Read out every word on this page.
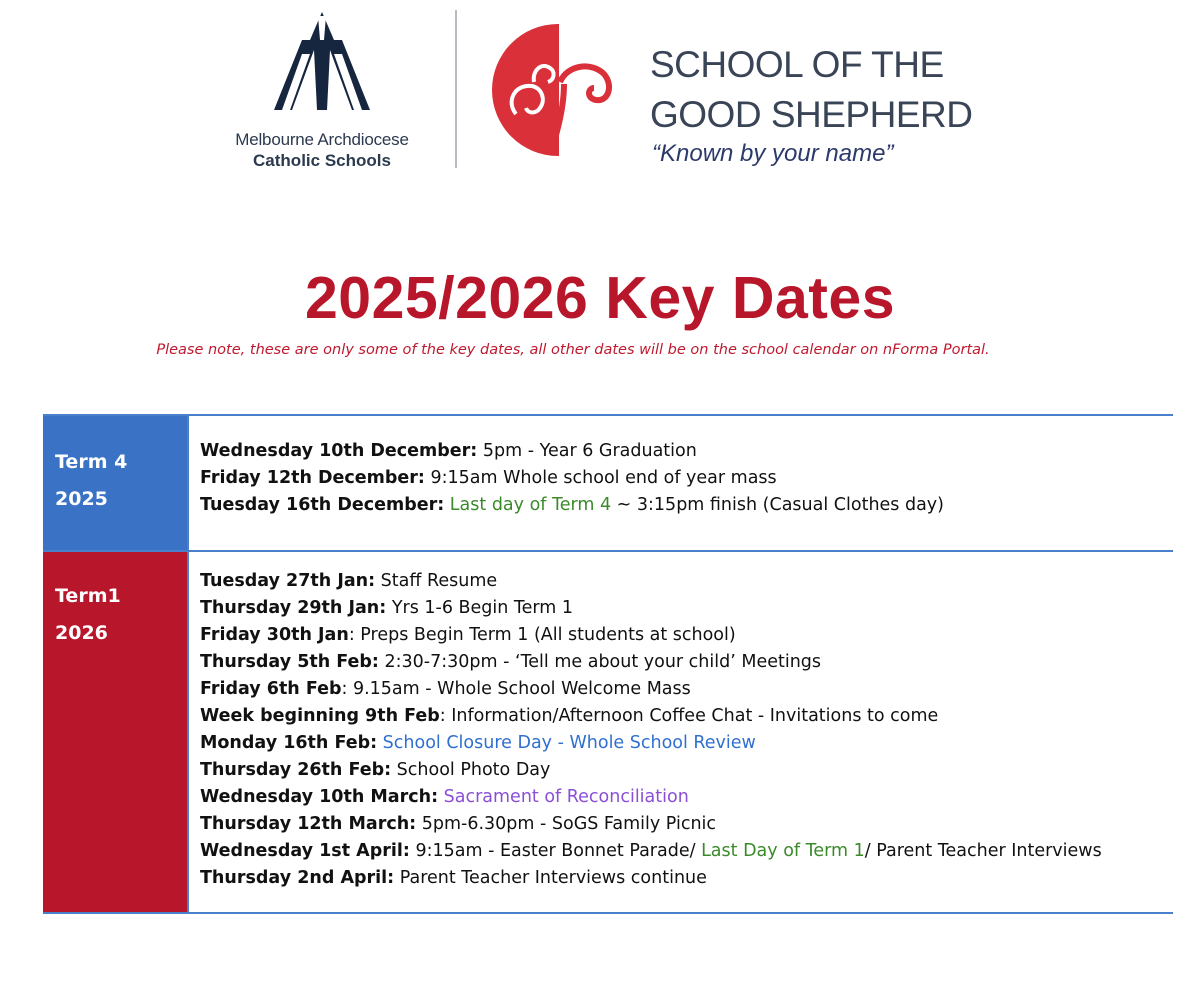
Melbourne Archdiocese
Catholic Schools
SCHOOL OF THE
GOOD SHEPHERD
“Known by your name”
2025/2026 Key Dates
Please note, these are only some of the key dates, all other dates will be on the school calendar on nForma Portal.
Term 4
2025
Wednesday 10th December: 5pm - Year 6 Graduation
Friday 12th December: 9:15am Whole school end of year mass
Tuesday 16th December: Last day of Term 4 ~ 3:15pm finish (Casual Clothes day)
Term1
2026
Tuesday 27th Jan: Staff Resume
Thursday 29th Jan: Yrs 1-6 Begin Term 1
Friday 30th Jan: Preps Begin Term 1 (All students at school)
Thursday 5th Feb: 2:30-7:30pm - ‘Tell me about your child’ Meetings
Friday 6th Feb: 9.15am - Whole School Welcome Mass
Week beginning 9th Feb: Information/Afternoon Coffee Chat - Invitations to come
Monday 16th Feb: School Closure Day - Whole School Review
Thursday 26th Feb: School Photo Day
Wednesday 10th March: Sacrament of Reconciliation
Thursday 12th March: 5pm-6.30pm - SoGS Family Picnic
Wednesday 1st April: 9:15am - Easter Bonnet Parade/ Last Day of Term 1/ Parent Teacher Interviews
Thursday 2nd April: Parent Teacher Interviews continue
